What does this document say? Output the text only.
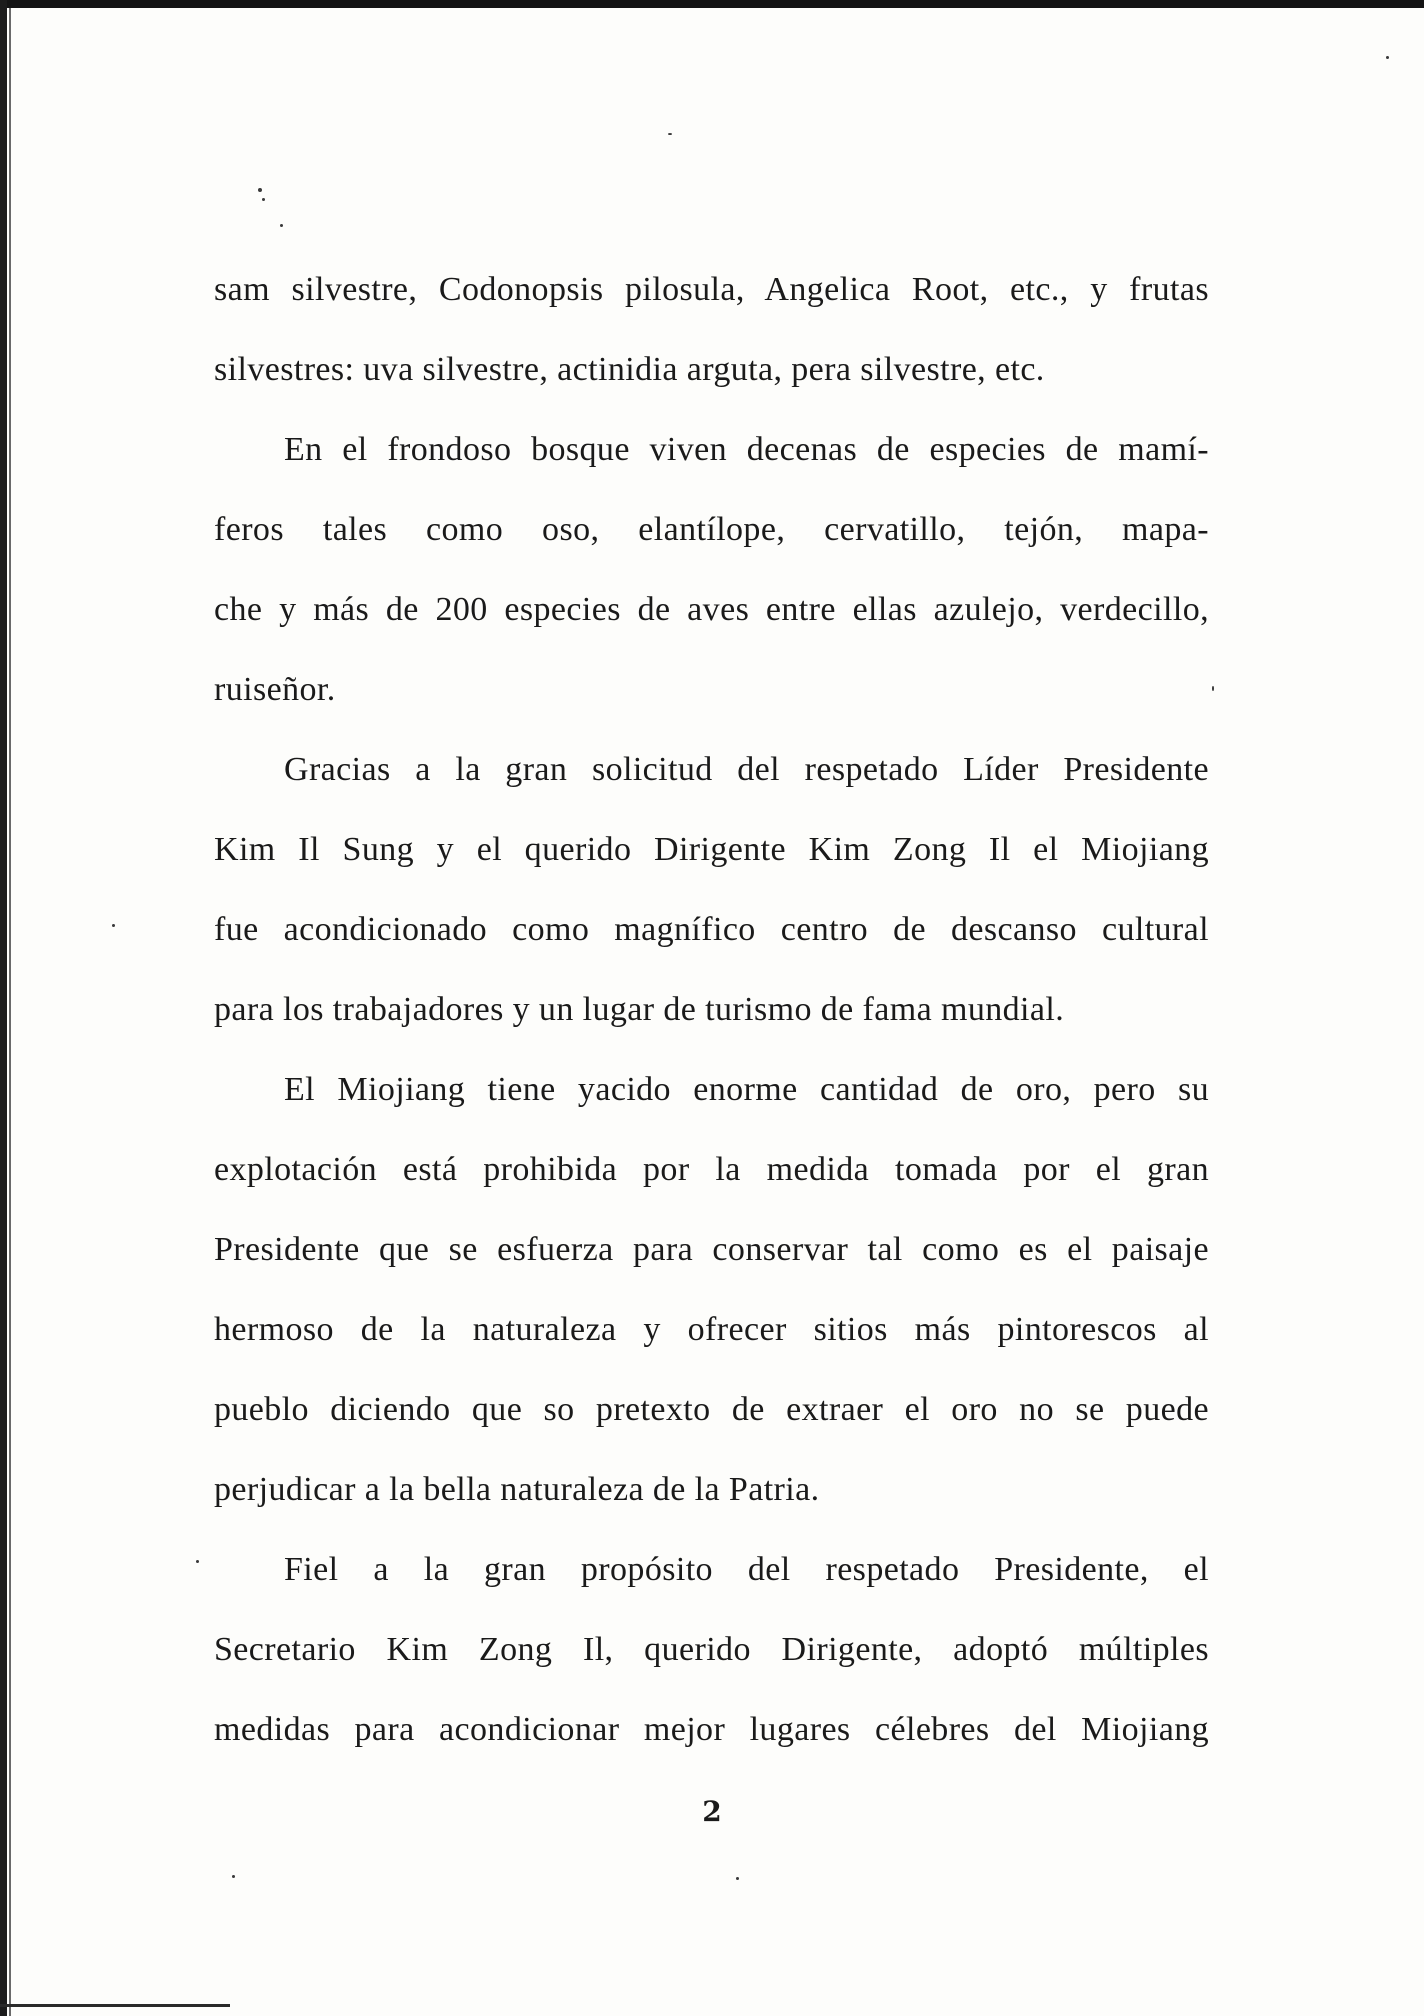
sam silvestre, Codonopsis pilosula, Angelica Root, etc., y frutas
silvestres: uva silvestre, actinidia arguta, pera silvestre, etc.
En el frondoso bosque viven decenas de especies de mamí-
feros tales como oso, elantílope, cervatillo, tejón, mapa-
che y más de 200 especies de aves entre ellas azulejo, verdecillo,
ruiseñor.
Gracias a la gran solicitud del respetado Líder Presidente
Kim Il Sung y el querido Dirigente Kim Zong Il el Miojiang
fue acondicionado como magnífico centro de descanso cultural
para los trabajadores y un lugar de turismo de fama mundial.
El Miojiang tiene yacido enorme cantidad de oro, pero su
explotación está prohibida por la medida tomada por el gran
Presidente que se esfuerza para conservar tal como es el paisaje
hermoso de la naturaleza y ofrecer sitios más pintorescos al
pueblo diciendo que so pretexto de extraer el oro no se puede
perjudicar a la bella naturaleza de la Patria.
Fiel a la gran propósito del respetado Presidente, el
Secretario Kim Zong Il, querido Dirigente, adoptó múltiples
medidas para acondicionar mejor lugares célebres del Miojiang
2
